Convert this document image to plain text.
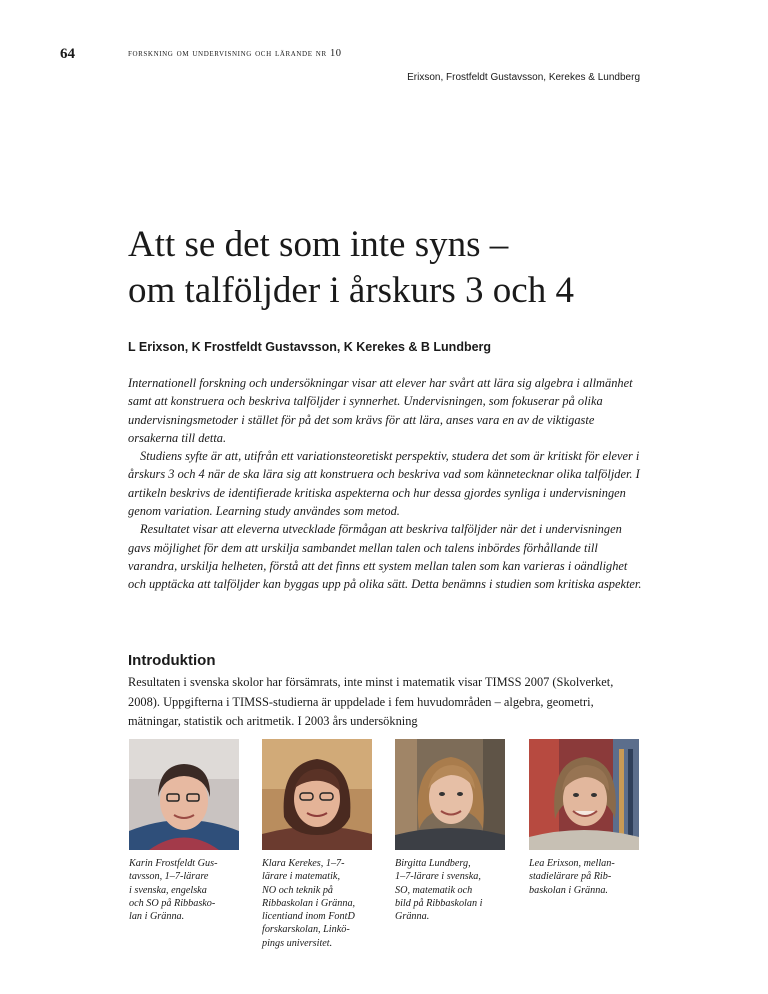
64	forskning om undervisning och lärande nr 10
Erixson, Frostfeldt Gustavsson, Kerekes & Lundberg
Att se det som inte syns –
om talföljder i årskurs 3 och 4
L Erixson, K Frostfeldt Gustavsson, K Kerekes & B Lundberg

Internationell forskning och undersökningar visar att elever har svårt att lära sig algebra i allmänhet samt att konstruera och beskriva talföljder i synnerhet. Undervisningen, som fokuserar på olika undervisningsmetoder i stället för på det som krävs för att lära, anses vara en av de viktigaste orsakerna till detta.

Studiens syfte är att, utifrån ett variationsteoretiskt perspektiv, studera det som är kritiskt för elever i årskurs 3 och 4 när de ska lära sig att konstruera och beskriva vad som kännetecknar olika talföljder. I artikeln beskrivs de identifierade kritiska aspekterna och hur dessa gjordes synliga i undervisningen genom variation. Learning study användes som metod.

Resultatet visar att eleverna utvecklade förmågan att beskriva talföljder när det i undervisningen gavs möjlighet för dem att urskilja sambandet mellan talen och talens inbördes förhållande till varandra, urskilja helheten, förstå att det finns ett system mellan talen som kan varieras i oändlighet och upptäcka att talföljder kan byggas upp på olika sätt. Detta benämns i studien som kritiska aspekter.

Introduktion

Resultaten i svenska skolor har försämrats, inte minst i matematik visar TIMSS 2007 (Skolverket, 2008). Uppgifterna i TIMSS-studierna är uppdelade i fem huvudområden – algebra, geometri, mätningar, statistik och aritmetik. I 2003 års undersökning

Karin Frostfeldt Gus-
tavsson, 1–7-lärare
i svenska, engelska
och SO på Ribbasko-
lan i Gränna.
Klara Kerekes, 1–7-
lärare i matematik,
NO och teknik på
Ribbaskolan i Gränna,
licentiand inom FontD
forskarskolan, Linkö-
pings universitet.
Birgitta Lundberg,
1–7-lärare i svenska,
SO, matematik och
bild på Ribbaskolan i
Gränna.
Lea Erixson, mellan-
stadielärare på Rib-
baskolan i Gränna.
